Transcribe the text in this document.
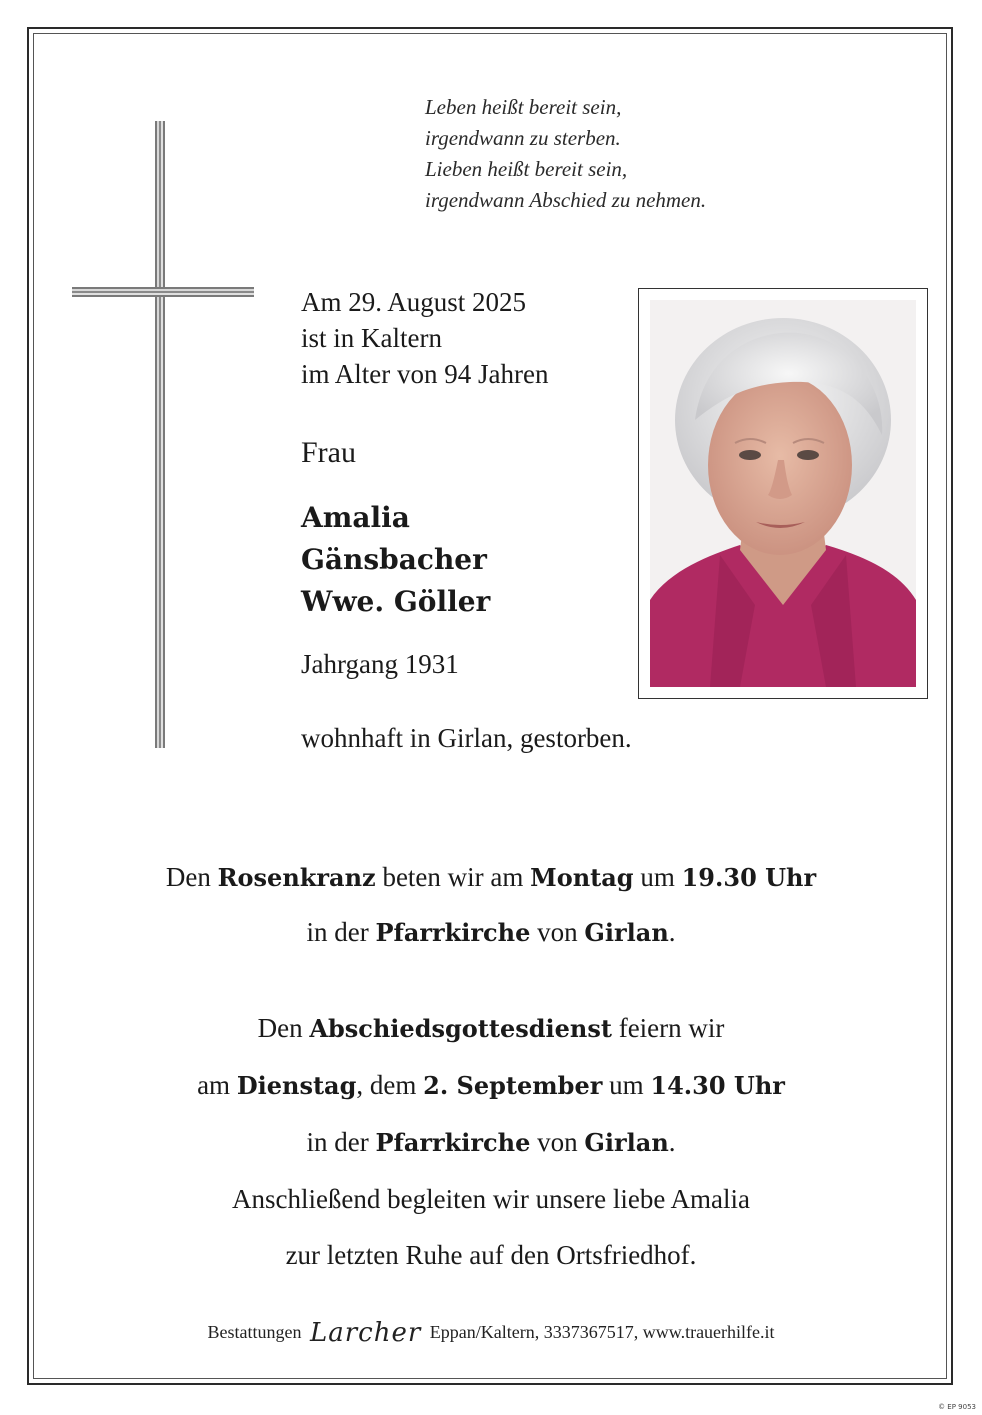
Leben heißt bereit sein,
irgendwann zu sterben.
Lieben heißt bereit sein,
irgendwann Abschied zu nehmen.
Am 29. August 2025
ist in Kaltern
im Alter von 94 Jahren
Frau
Amalia
Gänsbacher
Wwe. Göller
Jahrgang 1931
wohnhaft in Girlan, gestorben.
Den Rosenkranz beten wir am Montag um 19.30 Uhr
in der Pfarrkirche von Girlan.
Den Abschiedsgottesdienst feiern wir
am Dienstag, dem 2. September um 14.30 Uhr
in der Pfarrkirche von Girlan.
Anschließend begleiten wir unsere liebe Amalia
zur letzten Ruhe auf den Ortsfriedhof.
Bestattungen Larcher Eppan/Kaltern, 3337367517, www.trauerhilfe.it
© EP 9053
